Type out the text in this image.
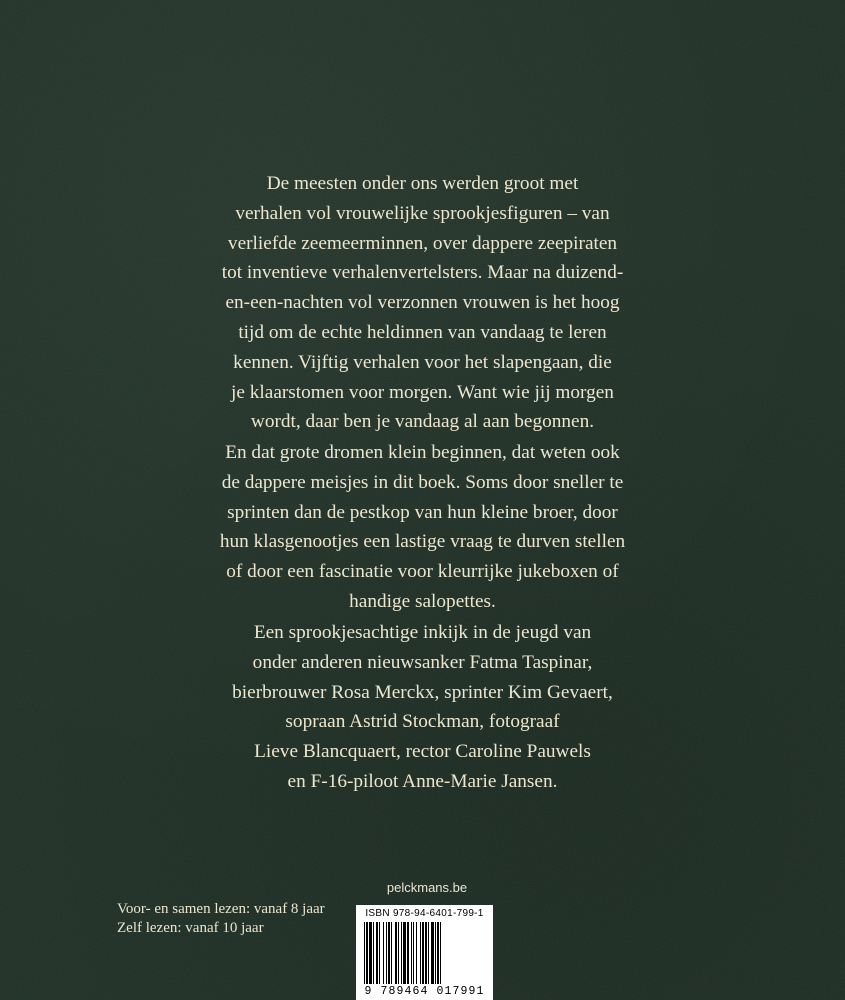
De meesten onder ons werden groot met
verhalen vol vrouwelijke sprookjesfiguren – van
verliefde zeemeerminnen, over dappere zeepiraten
tot inventieve verhalenvertelsters. Maar na duizend-
en-een-nachten vol verzonnen vrouwen is het hoog
tijd om de echte heldinnen van vandaag te leren
kennen. Vijftig verhalen voor het slapengaan, die
je klaarstomen voor morgen. Want wie jij morgen
wordt, daar ben je vandaag al aan begonnen.
En dat grote dromen klein beginnen, dat weten ook
de dappere meisjes in dit boek. Soms door sneller te
sprinten dan de pestkop van hun kleine broer, door
hun klasgenootjes een lastige vraag te durven stellen
of door een fascinatie voor kleurrijke jukeboxen of
handige salopettes.
Een sprookjesachtige inkijk in de jeugd van
onder anderen nieuwsanker Fatma Taspinar,
bierbrouwer Rosa Merckx, sprinter Kim Gevaert,
sopraan Astrid Stockman, fotograaf
Lieve Blancquaert, rector Caroline Pauwels
en F-16-piloot Anne-Marie Jansen.
Voor- en samen lezen: vanaf 8 jaar
Zelf lezen: vanaf 10 jaar
pelckmans.be
ISBN 978-94-6401-799-1
9 789464 017991
